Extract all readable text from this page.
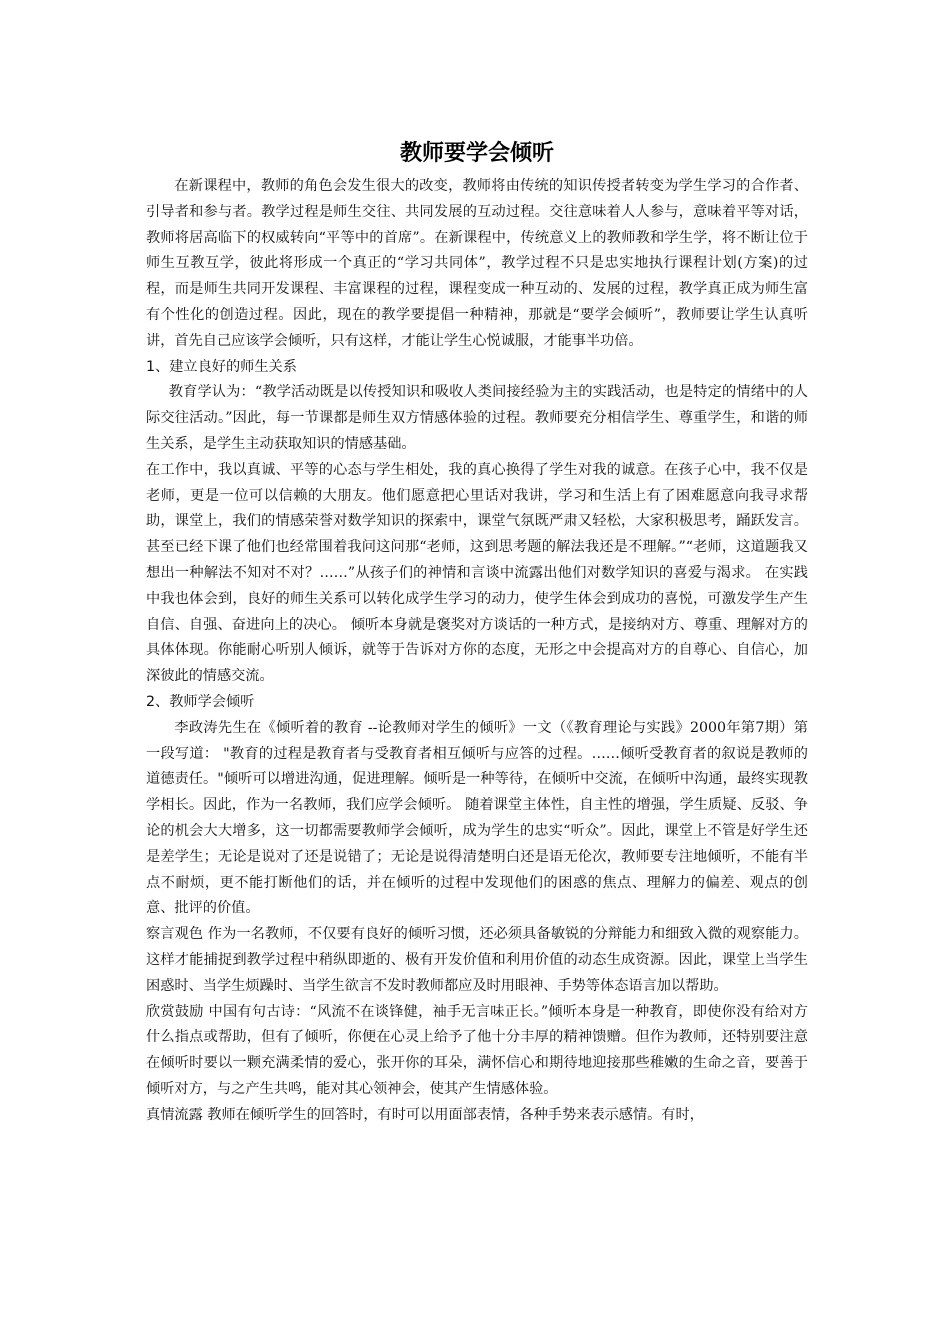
教师要学会倾听

在新课程中，教师的角色会发生很大的改变，教师将由传统的知识传授者转变为学生学习的合作者、引导者和参与者。教学过程是师生交往、共同发展的互动过程。交往意味着人人参与，意味着平等对话，教师将居高临下的权威转向“平等中的首席”。在新课程中，传统意义上的教师教和学生学，将不断让位于师生互教互学，彼此将形成一个真正的“学习共同体”，教学过程不只是忠实地执行课程计划(方案)的过程，而是师生共同开发课程、丰富课程的过程，课程变成一种互动的、发展的过程，教学真正成为师生富有个性化的创造过程。因此，现在的教学要提倡一种精神，那就是“要学会倾听”，教师要让学生认真听讲，首先自己应该学会倾听，只有这样，才能让学生心悦诚服，才能事半功倍。

1、建立良好的师生关系

教育学认为：“教学活动既是以传授知识和吸收人类间接经验为主的实践活动，也是特定的情绪中的人际交往活动。”因此，每一节课都是师生双方情感体验的过程。教师要充分相信学生、尊重学生，和谐的师生关系，是学生主动获取知识的情感基础。

在工作中，我以真诚、平等的心态与学生相处，我的真心换得了学生对我的诚意。在孩子心中，我不仅是老师，更是一位可以信赖的大朋友。他们愿意把心里话对我讲，学习和生活上有了困难愿意向我寻求帮助，课堂上，我们的情感荣誉对数学知识的探索中，课堂气氛既严肃又轻松，大家积极思考，踊跃发言。甚至已经下课了他们也经常围着我问这问那“老师，这到思考题的解法我还是不理解。”“老师，这道题我又想出一种解法不知对不对？……”从孩子们的神情和言谈中流露出他们对数学知识的喜爱与渴求。 在实践中我也体会到，良好的师生关系可以转化成学生学习的动力，使学生体会到成功的喜悦，可激发学生产生自信、自强、奋进向上的决心。 倾听本身就是褒奖对方谈话的一种方式，是接纳对方、尊重、理解对方的具体体现。你能耐心听别人倾诉，就等于告诉对方你的态度，无形之中会提高对方的自尊心、自信心，加深彼此的情感交流。

2、教师学会倾听

李政涛先生在《倾听着的教育 --论教师对学生的倾听》一文（《教育理论与实践》2000年第7期）第一段写道： "教育的过程是教育者与受教育者相互倾听与应答的过程。……倾听受教育者的叙说是教师的道德责任。"倾听可以增进沟通，促进理解。倾听是一种等待，在倾听中交流，在倾听中沟通，最终实现教学相长。因此，作为一名教师，我们应学会倾听。 随着课堂主体性，自主性的增强，学生质疑、反驳、争论的机会大大增多，这一切都需要教师学会倾听，成为学生的忠实“听众”。因此，课堂上不管是好学生还是差学生；无论是说对了还是说错了；无论是说得清楚明白还是语无伦次，教师要专注地倾听，不能有半点不耐烦，更不能打断他们的话，并在倾听的过程中发现他们的困惑的焦点、理解力的偏差、观点的创意、批评的价值。

察言观色 作为一名教师，不仅要有良好的倾听习惯，还必须具备敏锐的分辩能力和细致入微的观察能力。这样才能捕捉到教学过程中稍纵即逝的、极有开发价值和利用价值的动态生成资源。因此，课堂上当学生困惑时、当学生烦躁时、当学生欲言不发时教师都应及时用眼神、手势等体态语言加以帮助。

欣赏鼓励 中国有句古诗：“风流不在谈锋健，袖手无言味正长。”倾听本身是一种教育，即使你没有给对方什么指点或帮助，但有了倾听，你便在心灵上给予了他十分丰厚的精神馈赠。但作为教师，还特别要注意在倾听时要以一颗充满柔情的爱心，张开你的耳朵，满怀信心和期待地迎接那些稚嫩的生命之音，要善于倾听对方，与之产生共鸣，能对其心领神会，使其产生情感体验。

真情流露 教师在倾听学生的回答时，有时可以用面部表情，各种手势来表示感情。有时，
